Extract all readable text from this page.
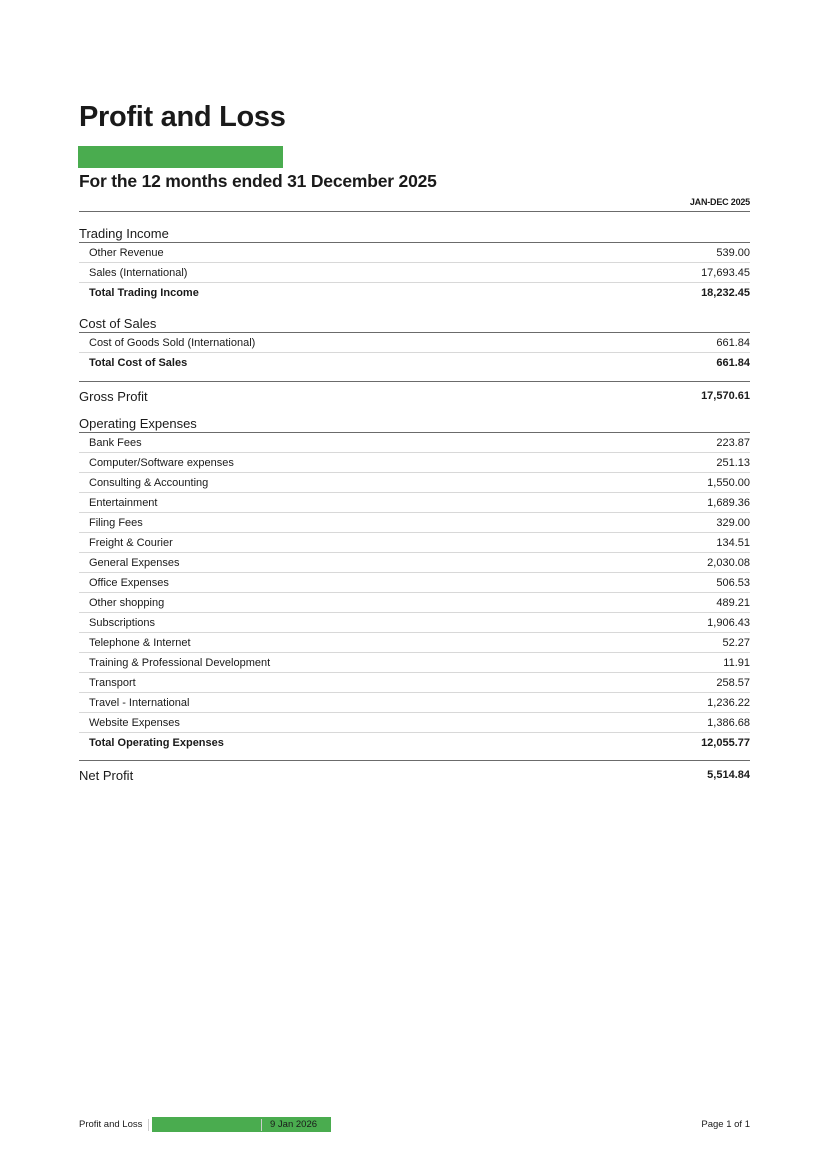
Profit and Loss
For the 12 months ended 31 December 2025
JAN-DEC 2025
Trading Income
Other Revenue	539.00
Sales (International)	17,693.45
Total Trading Income	18,232.45
Cost of Sales
Cost of Goods Sold (International)	661.84
Total Cost of Sales	661.84
Gross Profit	17,570.61
Operating Expenses
Bank Fees	223.87
Computer/Software expenses	251.13
Consulting & Accounting	1,550.00
Entertainment	1,689.36
Filing Fees	329.00
Freight & Courier	134.51
General Expenses	2,030.08
Office Expenses	506.53
Other shopping	489.21
Subscriptions	1,906.43
Telephone & Internet	52.27
Training & Professional Development	11.91
Transport	258.57
Travel - International	1,236.22
Website Expenses	1,386.68
Total Operating Expenses	12,055.77
Net Profit	5,514.84
Profit and Loss	9 Jan 2026	Page 1 of 1
